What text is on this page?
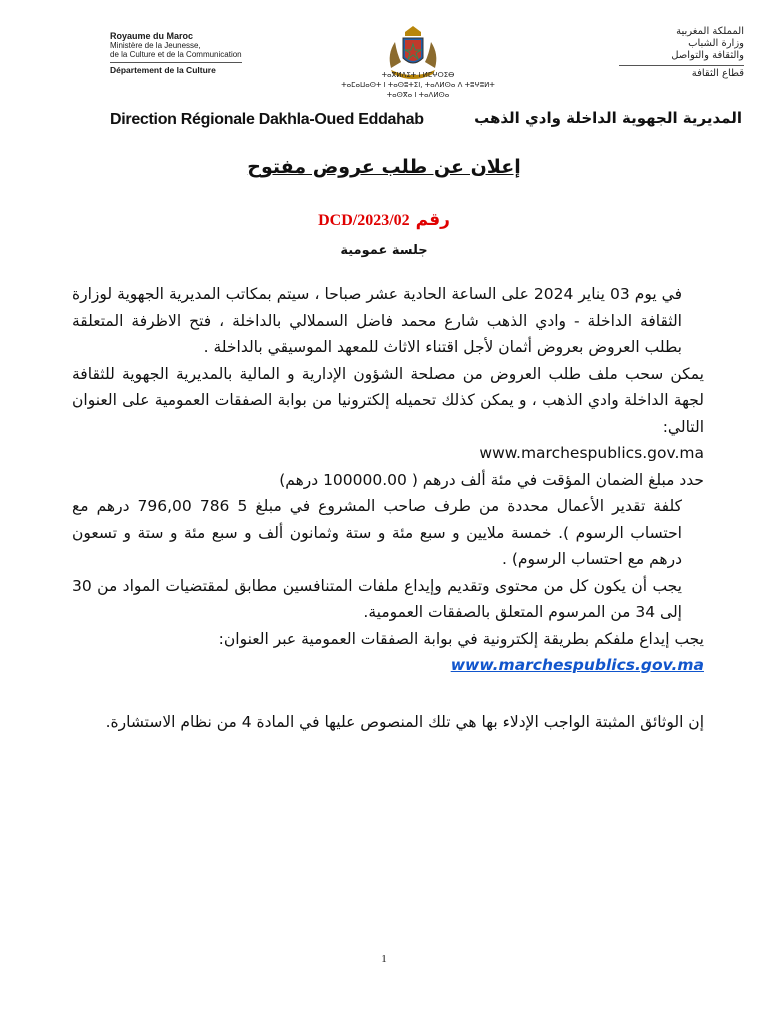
Royaume du Maroc
Ministère de la Jeunesse,
de la Culture et de la Communication
Département de la Culture	ⵜⴰⴳⵍⴷⵉⵜ ⵏ ⵍⵎⵖⵔⵉⴱ
ⵜⴰⵎⴰⵡⴰⵙⵜ ⵏ ⵜⴰⵙⵓⵜⵉⵏ, ⵜⴰⴷⵍⵙⴰ ⴷ ⵜⵓⵖⵓⵍⵜ
ⵜⴰⵙⴳⴰ ⵏ ⵜⴰⴷⵍⵙⴰ
المملكة المغربية
وزارة الشباب
والثقافة والتواصل
قطاع الثقافة
Direction Régionale Dakhla-Oued Eddahab	المديرية الجهوية الداخلة وادي الذهب
إعلان عن طلب عروض مفتوح
رقم DCD/2023/02
جلسة عمومية

في يوم 03 يناير 2024 على الساعة الحادية عشر صباحا ، سيتم بمكاتب المديرية الجهوية لوزارة الثقافة الداخلة - وادي الذهب شارع محمد فاضل السملالي بالداخلة ، فتح الاظرفة المتعلقة بطلب العروض بعروض أثمان لأجل اقتناء الاثاث للمعهد الموسيقي بالداخلة .

يمكن سحب ملف طلب العروض من مصلحة الشؤون الإدارية و المالية بالمديرية الجهوية للثقافة لجهة الداخلة وادي الذهب ، و يمكن كذلك تحميله إلكترونيا من بوابة الصفقات العمومية على العنوان التالي:

www.marchespublics.gov.ma

حدد مبلغ الضمان المؤقت في مئة ألف درهم ( 100000.00 درهم)

كلفة تقدير الأعمال محددة من طرف صاحب المشروع في مبلغ 5 786 796,00 درهم مع احتساب الرسوم ). خمسة ملايين و سبع مئة و ستة وثمانون ألف و سبع مئة و ستة و تسعون درهم مع احتساب الرسوم) .

يجب أن يكون كل من محتوى وتقديم وإيداع ملفات المتنافسين مطابق لمقتضيات المواد من 30 إلى 34 من المرسوم المتعلق بالصفقات العمومية.

يجب إيداع ملفكم بطريقة إلكترونية في بوابة الصفقات العمومية عبر العنوان:

www.marchespublics.gov.ma

إن الوثائق المثبتة الواجب الإدلاء بها هي تلك المنصوص عليها في المادة 4 من نظام الاستشارة.

1
